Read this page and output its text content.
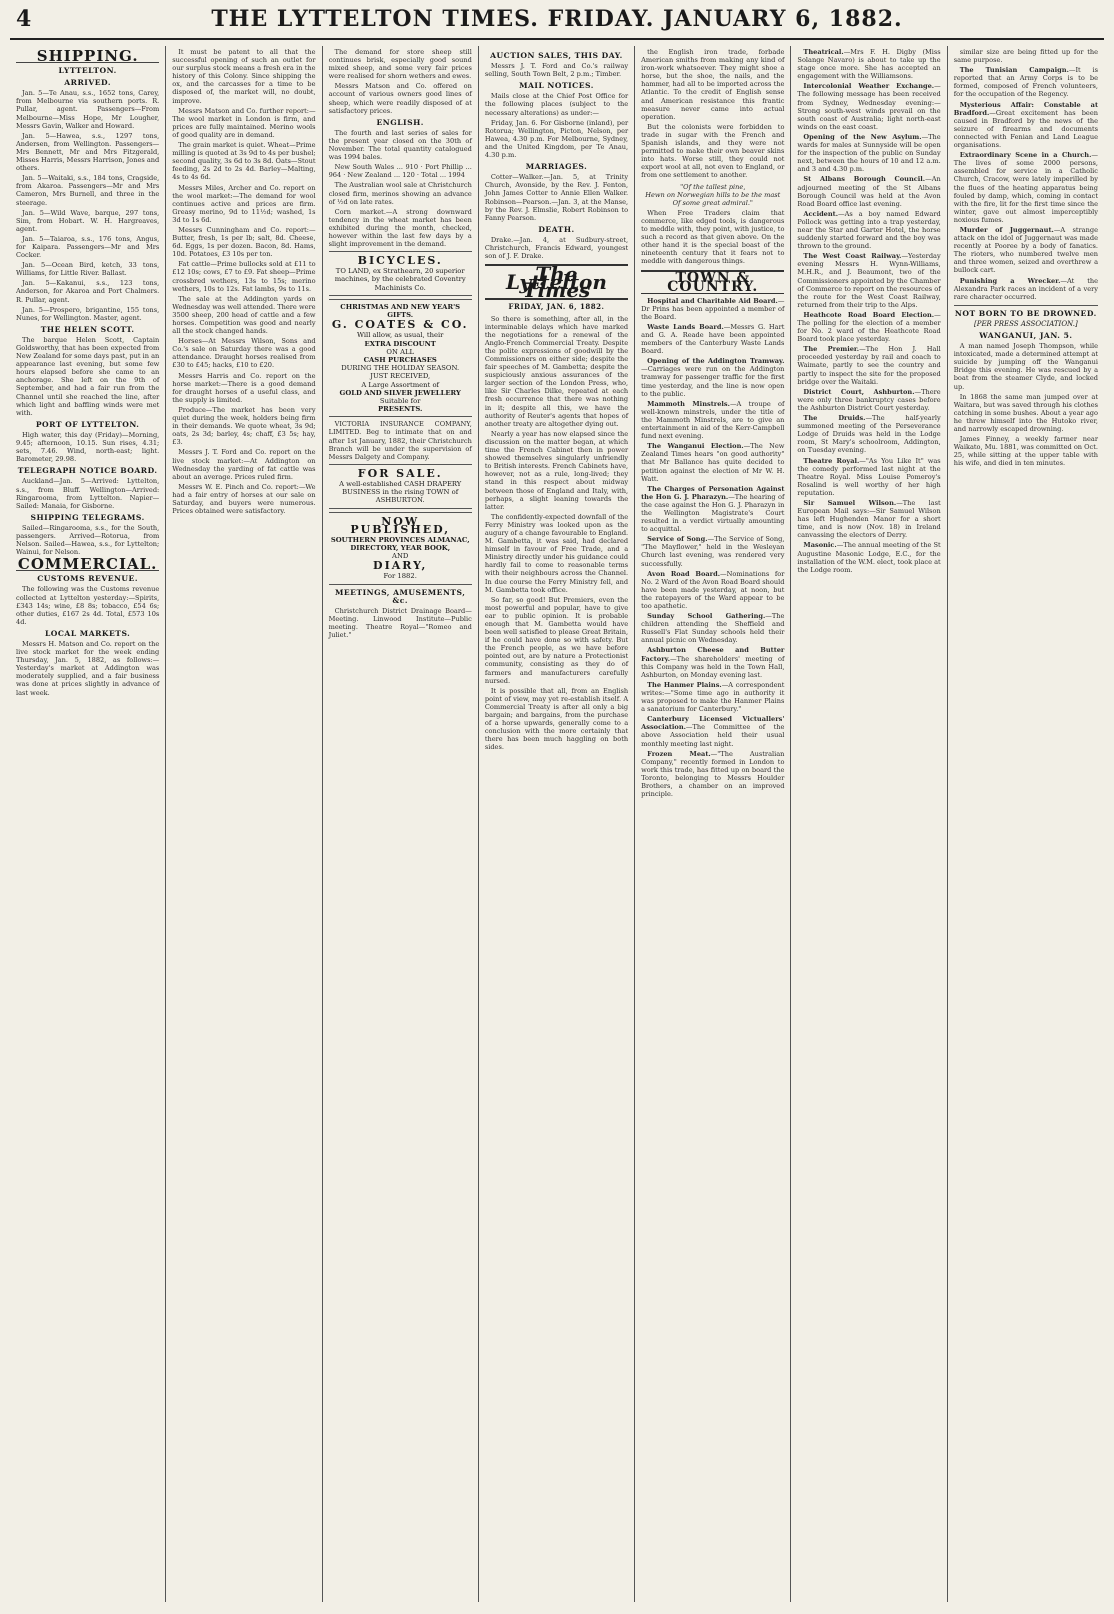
4	THE LYTTELTON TIMES. FRIDAY. JANUARY 6, 1882.
SHIPPING.
LYTTELTON.
ARRIVED.

Jan. 5—Te Anau, s.s., 1652 tons, Carey, from Melbourne via southern ports. R. Pullar, agent. Passengers—From Melbourne—Miss Hope, Mr Lougher, Messrs Gavin, Walker and Howard.

Jan. 5—Hawea, s.s., 1297 tons, Andersen, from Wellington. Passengers—Mrs Bennett, Mr and Mrs Fitzgerald, Misses Harris, Messrs Harrison, Jones and others.

Jan. 5—Waitaki, s.s., 184 tons, Cragside, from Akaroa. Passengers—Mr and Mrs Cameron, Mrs Burnell, and three in the steerage.

Jan. 5—Wild Wave, barque, 297 tons, Sim, from Hobart. W. H. Hargreaves, agent.

Jan. 5—Taiaroa, s.s., 176 tons, Angus, for Kaipara. Passengers—Mr and Mrs Cocker.

Jan. 5—Ocean Bird, ketch, 33 tons, Williams, for Little River. Ballast.

Jan. 5—Kakanui, s.s., 123 tons, Anderson, for Akaroa and Port Chalmers. R. Pullar, agent.

Jan. 5—Prospero, brigantine, 155 tons, Nunes, for Wellington. Master, agent.

THE HELEN SCOTT.

The barque Helen Scott, Captain Goldsworthy, that has been expected from New Zealand for some days past, put in an appearance last evening, but some few hours elapsed before she came to an anchorage. She left on the 9th of September, and had a fair run from the Channel until she reached the line, after which light and baffling winds were met with.

PORT OF LYTTELTON.

High water, this day (Friday)—Morning, 9.45; afternoon, 10.15. Sun rises, 4.31; sets, 7.46. Wind, north-east; light. Barometer, 29.98.

TELEGRAPH NOTICE BOARD.

Auckland—Jan. 5—Arrived: Lyttelton, s.s., from Bluff. Wellington—Arrived: Ringarooma, from Lyttelton. Napier—Sailed: Manaia, for Gisborne.

SHIPPING TELEGRAMS.

Sailed—Ringarooma, s.s., for the South, passengers. Arrived—Rotorua, from Nelson. Sailed—Hawea, s.s., for Lyttelton; Wainui, for Nelson.

COMMERCIAL.
CUSTOMS REVENUE.

The following was the Customs revenue collected at Lyttelton yesterday:—Spirits, £343 14s; wine, £8 8s; tobacco, £54 6s; other duties, £167 2s 4d. Total, £573 10s 4d.

LOCAL MARKETS.

Messrs H. Matson and Co. report on the live stock market for the week ending Thursday, Jan. 5, 1882, as follows:—Yesterday's market at Addington was moderately supplied, and a fair business was done at prices slightly in advance of last week.

It must be patent to all that the successful opening of such an outlet for our surplus stock means a fresh era in the history of this Colony. Since shipping the ox, and the carcasses for a time to be disposed of, the market will, no doubt, improve.

Messrs Matson and Co. further report:—The wool market in London is firm, and prices are fully maintained. Merino wools of good quality are in demand.

The grain market is quiet. Wheat—Prime milling is quoted at 3s 9d to 4s per bushel; second quality, 3s 6d to 3s 8d. Oats—Stout feeding, 2s 2d to 2s 4d. Barley—Malting, 4s to 4s 6d.

Messrs Miles, Archer and Co. report on the wool market:—The demand for wool continues active and prices are firm. Greasy merino, 9d to 11½d; washed, 1s 3d to 1s 6d.

Messrs Cunningham and Co. report:—Butter, fresh, 1s per lb; salt, 8d. Cheese, 6d. Eggs, 1s per dozen. Bacon, 8d. Hams, 10d. Potatoes, £3 10s per ton.

Fat cattle—Prime bullocks sold at £11 to £12 10s; cows, £7 to £9. Fat sheep—Prime crossbred wethers, 13s to 15s; merino wethers, 10s to 12s. Fat lambs, 9s to 11s.

The sale at the Addington yards on Wednesday was well attended. There were 3500 sheep, 200 head of cattle and a few horses. Competition was good and nearly all the stock changed hands.

Horses—At Messrs Wilson, Sons and Co.'s sale on Saturday there was a good attendance. Draught horses realised from £30 to £45; hacks, £10 to £20.

Messrs Harris and Co. report on the horse market:—There is a good demand for draught horses of a useful class, and the supply is limited.

Produce—The market has been very quiet during the week, holders being firm in their demands. We quote wheat, 3s 9d; oats, 2s 3d; barley, 4s; chaff, £3 5s; hay, £3.

Messrs J. T. Ford and Co. report on the live stock market:—At Addington on Wednesday the yarding of fat cattle was about an average. Prices ruled firm.

Messrs W. E. Pinch and Co. report:—We had a fair entry of horses at our sale on Saturday, and buyers were numerous. Prices obtained were satisfactory.

The demand for store sheep still continues brisk, especially good sound mixed sheep, and some very fair prices were realised for shorn wethers and ewes.

Messrs Matson and Co. offered on account of various owners good lines of sheep, which were readily disposed of at satisfactory prices.

ENGLISH.

The fourth and last series of sales for the present year closed on the 30th of November. The total quantity catalogued was 1994 bales.

New South Wales ... 910 · Port Phillip ... 964 · New Zealand ... 120 · Total ... 1994

The Australian wool sale at Christchurch closed firm, merinos showing an advance of ½d on late rates.

Corn market.—A strong downward tendency in the wheat market has been exhibited during the month, checked, however within the last few days by a slight improvement in the demand.

BICYCLES.
TO LAND, ex Strathearn, 20 superior machines, by the celebrated Coventry Machinists Co.
CHRISTMAS AND NEW YEAR'S GIFTS.
G. COATES & CO.
Will allow, as usual, their
EXTRA DISCOUNT
ON ALL
CASH PURCHASES
DURING THE HOLIDAY SEASON.
JUST RECEIVED,
A Large Assortment of
GOLD AND SILVER JEWELLERY
Suitable for
PRESENTS.

VICTORIA INSURANCE COMPANY, LIMITED. Beg to intimate that on and after 1st January, 1882, their Christchurch Branch will be under the supervision of Messrs Dalgety and Company.

FOR SALE.
A well-established CASH DRAPERY BUSINESS in the rising TOWN of ASHBURTON.
NOW PUBLISHED,
SOUTHERN PROVINCES ALMANAC,
DIRECTORY, YEAR BOOK,
AND
DIARY,
For 1882.
MEETINGS, AMUSEMENTS, &c.

Christchurch District Drainage Board—Meeting. Linwood Institute—Public meeting. Theatre Royal—"Romeo and Juliet."

AUCTION SALES, THIS DAY.

Messrs J. T. Ford and Co.'s railway selling, South Town Belt, 2 p.m.; Timber.

MAIL NOTICES.

Mails close at the Chief Post Office for the following places (subject to the necessary alterations) as under:—

Friday, Jan. 6. For Gisborne (inland), per Rotorua; Wellington, Picton, Nelson, per Hawea, 4.30 p.m. For Melbourne, Sydney, and the United Kingdom, per Te Anau, 4.30 p.m.

MARRIAGES.

Cotter—Walker.—Jan. 5, at Trinity Church, Avonside, by the Rev. J. Fenton, John James Cotter to Annie Ellen Walker. Robinson—Pearson.—Jan. 3, at the Manse, by the Rev. J. Elmslie, Robert Robinson to Fanny Pearson.

DEATH.

Drake.—Jan. 4, at Sudbury-street, Christchurch, Francis Edward, youngest son of J. F. Drake.

The Lyttelton Times
FRIDAY, JAN. 6, 1882.

So there is something, after all, in the interminable delays which have marked the negotiations for a renewal of the Anglo-French Commercial Treaty. Despite the polite expressions of goodwill by the Commissioners on either side; despite the fair speeches of M. Gambetta; despite the suspiciously anxious assurances of the larger section of the London Press, who, like Sir Charles Dilke, repeated at each fresh occurrence that there was nothing in it; despite all this, we have the authority of Reuter's agents that hopes of another treaty are altogether dying out.

Nearly a year has now elapsed since the discussion on the matter began, at which time the French Cabinet then in power showed themselves singularly unfriendly to British interests. French Cabinets have, however, not as a rule, long-lived; they stand in this respect about midway between those of England and Italy, with, perhaps, a slight leaning towards the latter.

The confidently-expected downfall of the Ferry Ministry was looked upon as the augury of a change favourable to England. M. Gambetta, it was said, had declared himself in favour of Free Trade, and a Ministry directly under his guidance could hardly fail to come to reasonable terms with their neighbours across the Channel. In due course the Ferry Ministry fell, and M. Gambetta took office.

So far, so good! But Premiers, even the most powerful and popular, have to give ear to public opinion. It is probable enough that M. Gambetta would have been well satisfied to please Great Britain, if he could have done so with safety. But the French people, as we have before pointed out, are by nature a Protectionist community, consisting as they do of farmers and manufacturers carefully nursed.

It is possible that all, from an English point of view, may yet re-establish itself. A Commercial Treaty is after all only a big bargain; and bargains, from the purchase of a horse upwards, generally come to a conclusion with the more certainly that there has been much haggling on both sides.

the English iron trade, forbade American smiths from making any kind of iron-work whatsoever. They might shoe a horse, but the shoe, the nails, and the hammer, had all to be imported across the Atlantic. To the credit of English sense and American resistance this frantic measure never came into actual operation.

But the colonists were forbidden to trade in sugar with the French and Spanish islands, and they were not permitted to make their own beaver skins into hats. Worse still, they could not export wool at all, not even to England, or from one settlement to another.

"Of the tallest pine,
Hewn on Norwegian hills to be the mast
Of some great admiral."

When Free Traders claim that commerce, like edged tools, is dangerous to meddle with, they point, with justice, to such a record as that given above. On the other hand it is the special boast of the nineteenth century that it fears not to meddle with dangerous things.

TOWN & COUNTRY.

Hospital and Charitable Aid Board.—Dr Prins has been appointed a member of the Board.

Waste Lands Board.—Messrs G. Hart and G. A. Reade have been appointed members of the Canterbury Waste Lands Board.

Opening of the Addington Tramway.—Carriages were run on the Addington tramway for passenger traffic for the first time yesterday, and the line is now open to the public.

Mammoth Minstrels.—A troupe of well-known minstrels, under the title of the Mammoth Minstrels, are to give an entertainment in aid of the Kerr-Campbell fund next evening.

The Wanganui Election.—The New Zealand Times hears "on good authority" that Mr Ballance has quite decided to petition against the election of Mr W. H. Watt.

The Charges of Personation Against the Hon G. J. Pharazyn.—The hearing of the case against the Hon G. J. Pharazyn in the Wellington Magistrate's Court resulted in a verdict virtually amounting to acquittal.

Service of Song.—The Service of Song, "The Mayflower," held in the Wesleyan Church last evening, was rendered very successfully.

Avon Road Board.—Nominations for No. 2 Ward of the Avon Road Board should have been made yesterday, at noon, but the ratepayers of the Ward appear to be too apathetic.

Sunday School Gathering.—The children attending the Sheffield and Russell's Flat Sunday schools held their annual picnic on Wednesday.

Ashburton Cheese and Butter Factory.—The shareholders' meeting of this Company was held in the Town Hall, Ashburton, on Monday evening last.

The Hanmer Plains.—A correspondent writes:—"Some time ago in authority it was proposed to make the Hanmer Plains a sanatorium for Canterbury."

Canterbury Licensed Victuallers' Association.—The Committee of the above Association held their usual monthly meeting last night.

Frozen Meat.—"The Australian Company," recently formed in London to work this trade, has fitted up on board the Toronto, belonging to Messrs Houlder Brothers, a chamber on an improved principle.

Theatrical.—Mrs F. H. Digby (Miss Solange Navaro) is about to take up the stage once more. She has accepted an engagement with the Williamsons.

Intercolonial Weather Exchange.—The following message has been received from Sydney, Wednesday evening:—Strong south-west winds prevail on the south coast of Australia; light north-east winds on the east coast.

Opening of the New Asylum.—The wards for males at Sunnyside will be open for the inspection of the public on Sunday next, between the hours of 10 and 12 a.m. and 3 and 4.30 p.m.

St Albans Borough Council.—An adjourned meeting of the St Albans Borough Council was held at the Avon Road Board office last evening.

Accident.—As a boy named Edward Pollock was getting into a trap yesterday, near the Star and Garter Hotel, the horse suddenly started forward and the boy was thrown to the ground.

The West Coast Railway.—Yesterday evening Messrs H. Wynn-Williams, M.H.R., and J. Beaumont, two of the Commissioners appointed by the Chamber of Commerce to report on the resources of the route for the West Coast Railway, returned from their trip to the Alps.

Heathcote Road Board Election.—The polling for the election of a member for No. 2 ward of the Heathcote Road Board took place yesterday.

The Premier.—The Hon J. Hall proceeded yesterday by rail and coach to Waimate, partly to see the country and partly to inspect the site for the proposed bridge over the Waitaki.

District Court, Ashburton.—There were only three bankruptcy cases before the Ashburton District Court yesterday.

The Druids.—The half-yearly summoned meeting of the Perseverance Lodge of Druids was held in the Lodge room, St Mary's schoolroom, Addington, on Tuesday evening.

Theatre Royal.—"As You Like It" was the comedy performed last night at the Theatre Royal. Miss Louise Pomeroy's Rosalind is well worthy of her high reputation.

Sir Samuel Wilson.—The last European Mail says:—Sir Samuel Wilson has left Hughenden Manor for a short time, and is now (Nov. 18) in Ireland canvassing the electors of Derry.

Masonic.—The annual meeting of the St Augustine Masonic Lodge, E.C., for the installation of the W.M. elect, took place at the Lodge room.

similar size are being fitted up for the same purpose.

The Tunisian Campaign.—It is reported that an Army Corps is to be formed, composed of French volunteers, for the occupation of the Regency.

Mysterious Affair: Constable at Bradford.—Great excitement has been caused in Bradford by the news of the seizure of firearms and documents connected with Fenian and Land League organisations.

Extraordinary Scene in a Church.—The lives of some 2000 persons, assembled for service in a Catholic Church, Cracow, were lately imperilled by the flues of the heating apparatus being fouled by damp, which, coming in contact with the fire, lit for the first time since the winter, gave out almost imperceptibly noxious fumes.

Murder of Juggernaut.—A strange attack on the idol of Juggernaut was made recently at Pooree by a body of fanatics. The rioters, who numbered twelve men and three women, seized and overthrew a bullock cart.

Punishing a Wrecker.—At the Alexandra Park races an incident of a very rare character occurred.

NOT BORN TO BE DROWNED.
[PER PRESS ASSOCIATION.]
WANGANUI, JAN. 5.

A man named Joseph Thompson, while intoxicated, made a determined attempt at suicide by jumping off the Wanganui Bridge this evening. He was rescued by a boat from the steamer Clyde, and locked up.

In 1868 the same man jumped over at Waitara, but was saved through his clothes catching in some bushes. About a year ago he threw himself into the Hutoko river, and narrowly escaped drowning.

James Finney, a weekly farmer near Waikato, Mu. 1881, was committed on Oct. 25, while sitting at the upper table with his wife, and died in ten minutes.
